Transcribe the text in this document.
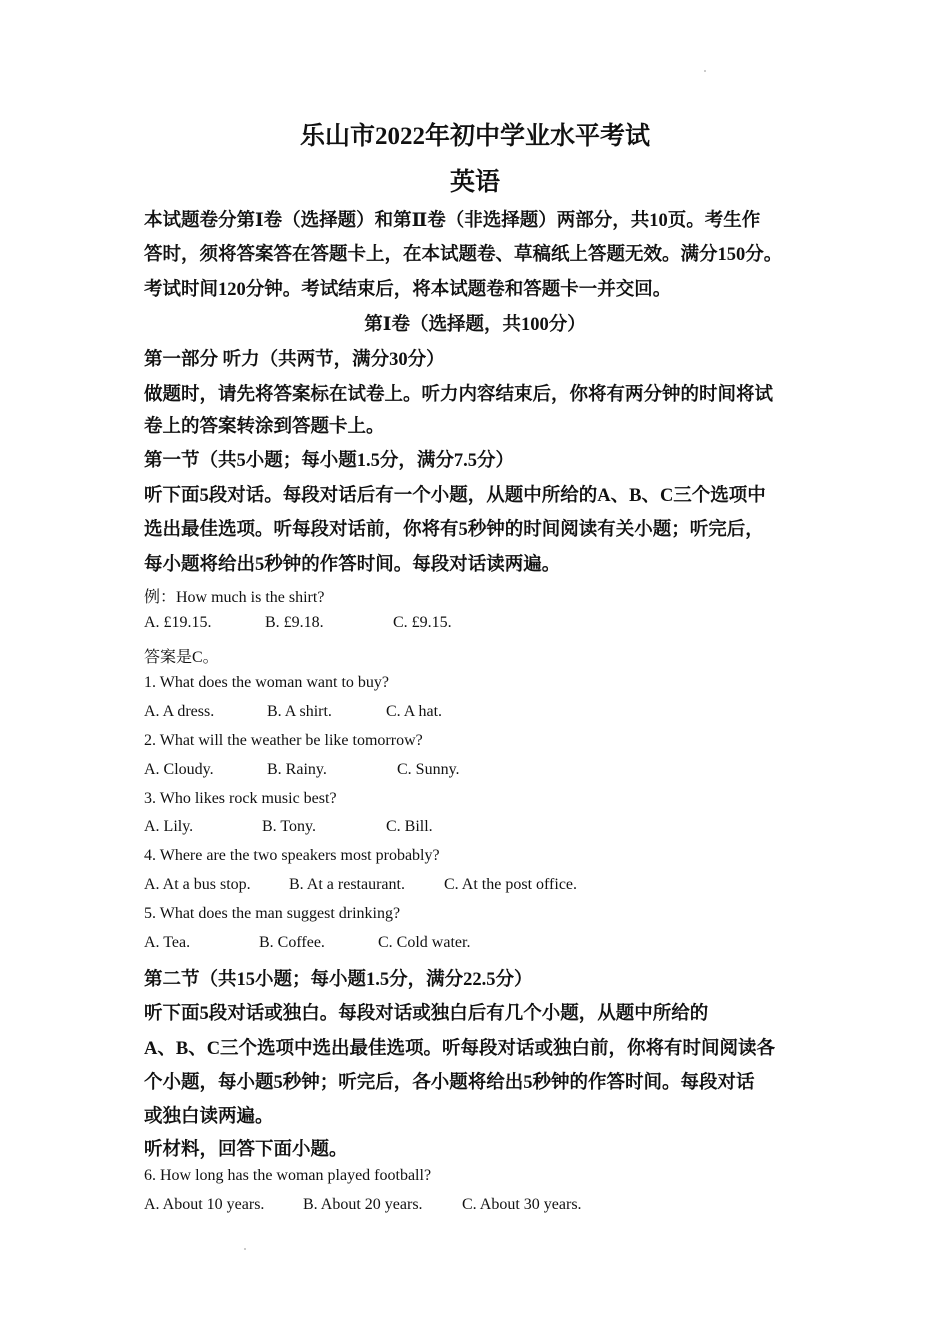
乐山市2022年初中学业水平考试
英语
本试题卷分第Ⅰ卷（选择题）和第Ⅱ卷（非选择题）两部分，共10页。考生作
答时，须将答案答在答题卡上，在本试题卷、草稿纸上答题无效。满分150分。
考试时间120分钟。考试结束后，将本试题卷和答题卡一并交回。
第Ⅰ卷（选择题，共100分）
第一部分 听力（共两节，满分30分）
做题时，请先将答案标在试卷上。听力内容结束后，你将有两分钟的时间将试
卷上的答案转涂到答题卡上。
第一节（共5小题；每小题1.5分，满分7.5分）
听下面5段对话。每段对话后有一个小题，从题中所给的A、B、C三个选项中
选出最佳选项。听每段对话前，你将有5秒钟的时间阅读有关小题；听完后，
每小题将给出5秒钟的作答时间。每段对话读两遍。
例：How much is the shirt?
A. £19.15.	B. £9.18.	C. £9.15.
答案是C。
1. What does the woman want to buy?
A. A dress.	B. A shirt.	C. A hat.
2. What will the weather be like tomorrow?
A. Cloudy.	B. Rainy.	C. Sunny.
3. Who likes rock music best?
A. Lily.	B. Tony.	C. Bill.
4. Where are the two speakers most probably?
A. At a bus stop. B. At a restaurant. C. At the post office.
5. What does the man suggest drinking?
A. Tea.	B. Coffee.	C. Cold water.
第二节（共15小题；每小题1.5分，满分22.5分）
听下面5段对话或独白。每段对话或独白后有几个小题，从题中所给的
A、B、C三个选项中选出最佳选项。听每段对话或独白前，你将有时间阅读各
个小题，每小题5秒钟；听完后，各小题将给出5秒钟的作答时间。每段对话
或独白读两遍。
听材料，回答下面小题。
6. How long has the woman played football?
A. About 10 years. B. About 20 years. C. About 30 years.
